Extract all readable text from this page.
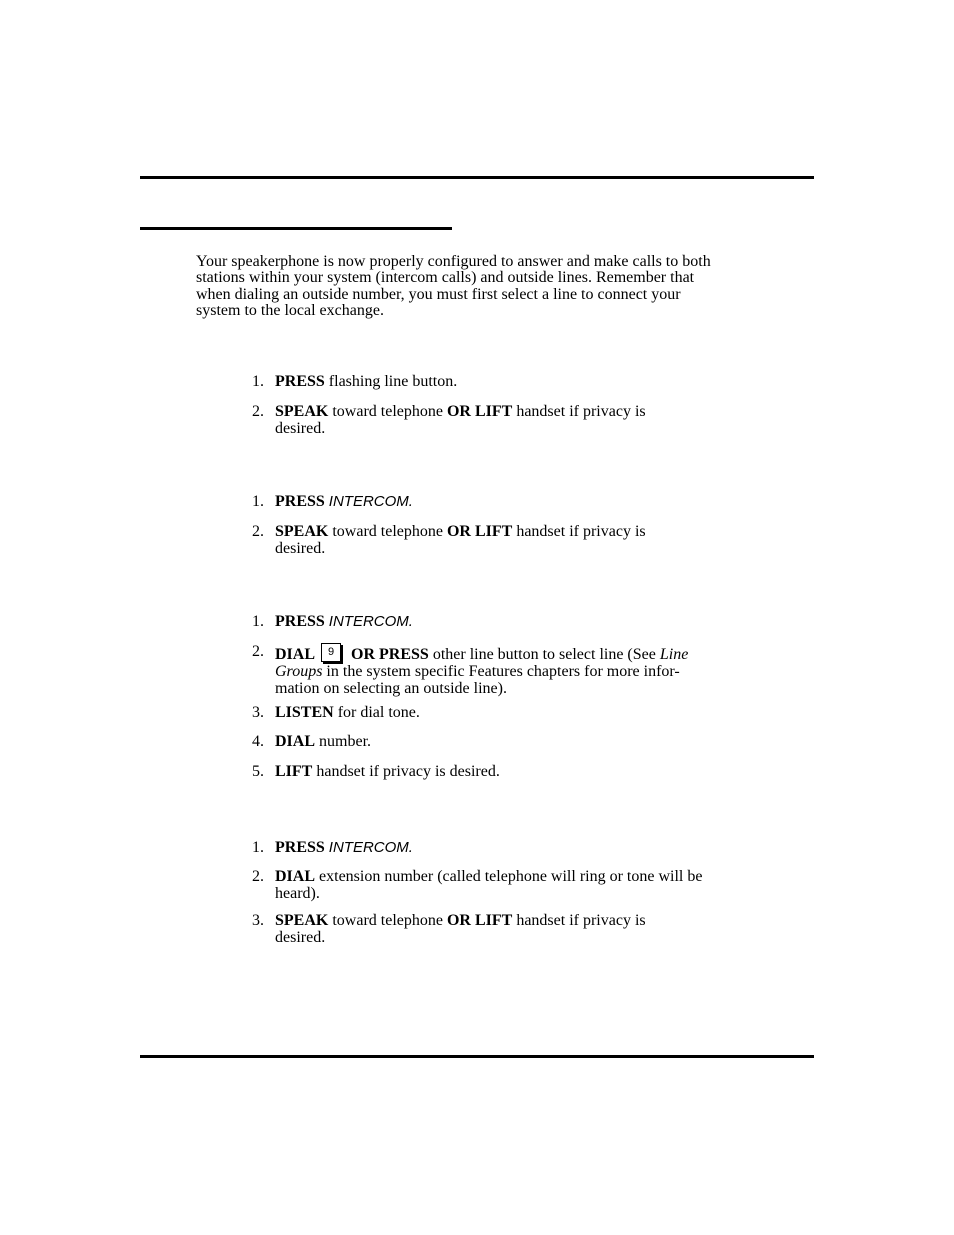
Your speakerphone is now properly configured to answer and make calls to both
stations within your system (intercom calls) and outside lines. Remember that
when dialing an outside number, you must first select a line to connect your
system to the local exchange.

1. PRESS flashing line button.
2. SPEAK toward telephone OR LIFT handset if privacy is desired.
1. PRESS INTERCOM.
2. SPEAK toward telephone OR LIFT handset if privacy is desired.
1. PRESS INTERCOM.
2. DIAL 9 OR PRESS other line button to select line (See Line Groups in the system specific Features chapters for more infor-mation on selecting an outside line).
3. LISTEN for dial tone.
4. DIAL number.
5. LIFT handset if privacy is desired.
1. PRESS INTERCOM.
2. DIAL extension number (called telephone will ring or tone will be heard).
3. SPEAK toward telephone OR LIFT handset if privacy is desired.
